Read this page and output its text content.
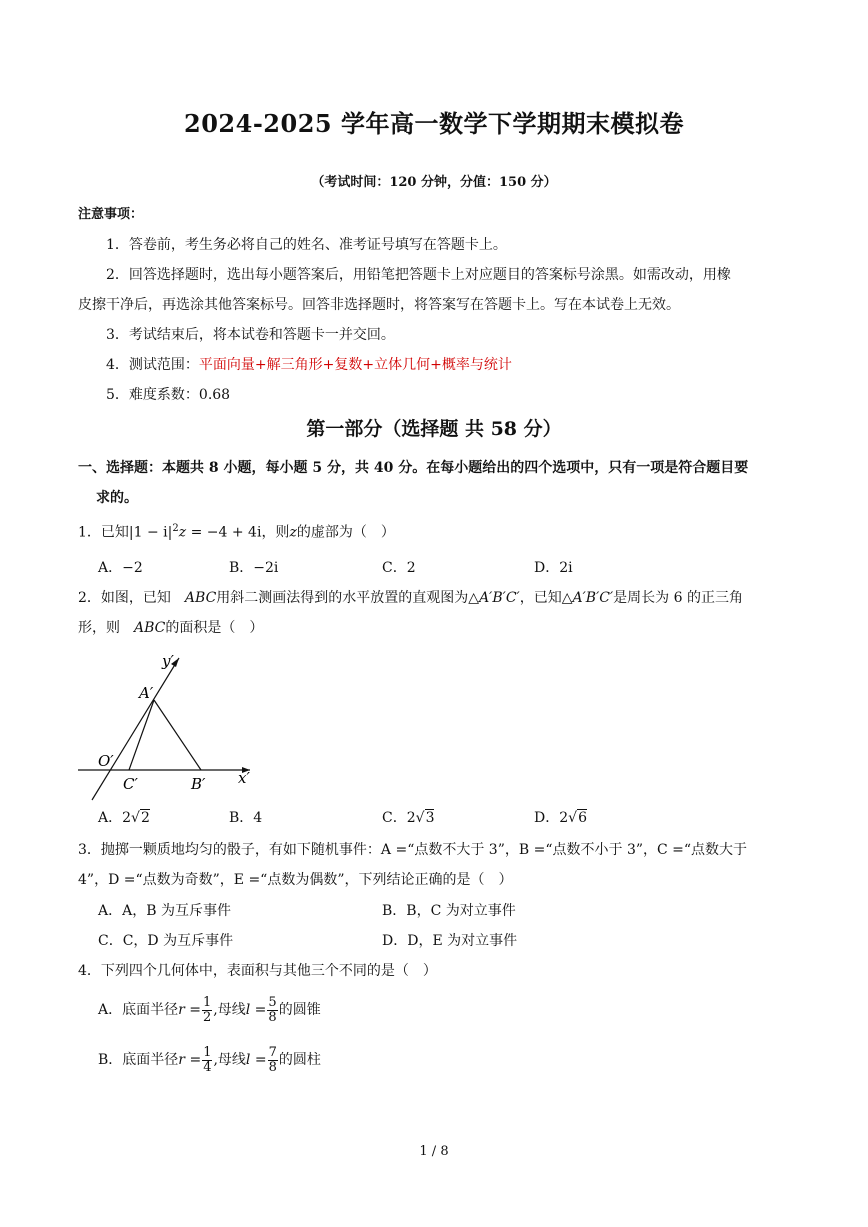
2024-2025 学年高一数学下学期期末模拟卷
（考试时间：120 分钟，分值：150 分）
注意事项：
1．答卷前，考生务必将自己的姓名、准考证号填写在答题卡上。
2．回答选择题时，选出每小题答案后，用铅笔把答题卡上对应题目的答案标号涂黑。如需改动，用橡
皮擦干净后，再选涂其他答案标号。回答非选择题时，将答案写在答题卡上。写在本试卷上无效。
3．考试结束后，将本试卷和答题卡一并交回。
4．测试范围：平面向量+解三角形+复数+立体几何+概率与统计
5．难度系数：0.68
第一部分（选择题 共 58 分）
一、选择题：本题共 8 小题，每小题 5 分，共 40 分。在每小题给出的四个选项中，只有一项是符合题目要
求的。
1．已知$|1 - i|^2z = -4 + 4i$，则z的虚部为（　）
A．−2	B．−2i	C．2	D．2i
2．如图，已知　 ABC用斜二测画法得到的水平放置的直观图为△A′B′C′，已知△A′B′C′是周长为 6 的正三角
形，则　 ABC的面积是（　）
y′
A′
O′
C′	B′ x′
A．2√2	B．4	C．2√3	D．2√6
3．抛掷一颗质地均匀的骰子，有如下随机事件：A =“点数不大于 3”，B =“点数不小于 3”，C =“点数大于
4”，D =“点数为奇数”，E =“点数为偶数”，下列结论正确的是（　）
A．A，B 为互斥事件	B．B，C 为对立事件
C．C，D 为互斥事件	D．D，E 为对立事件
4．下列四个几何体中，表面积与其他三个不同的是（　）
A．底面半径$r = \frac{1}{2}$ ,母线$l = \frac{5}{8}$ 的圆锥
B．底面半径$r = \frac{1}{4}$ ,母线$l = \frac{7}{8}$ 的圆柱
1 / 8
